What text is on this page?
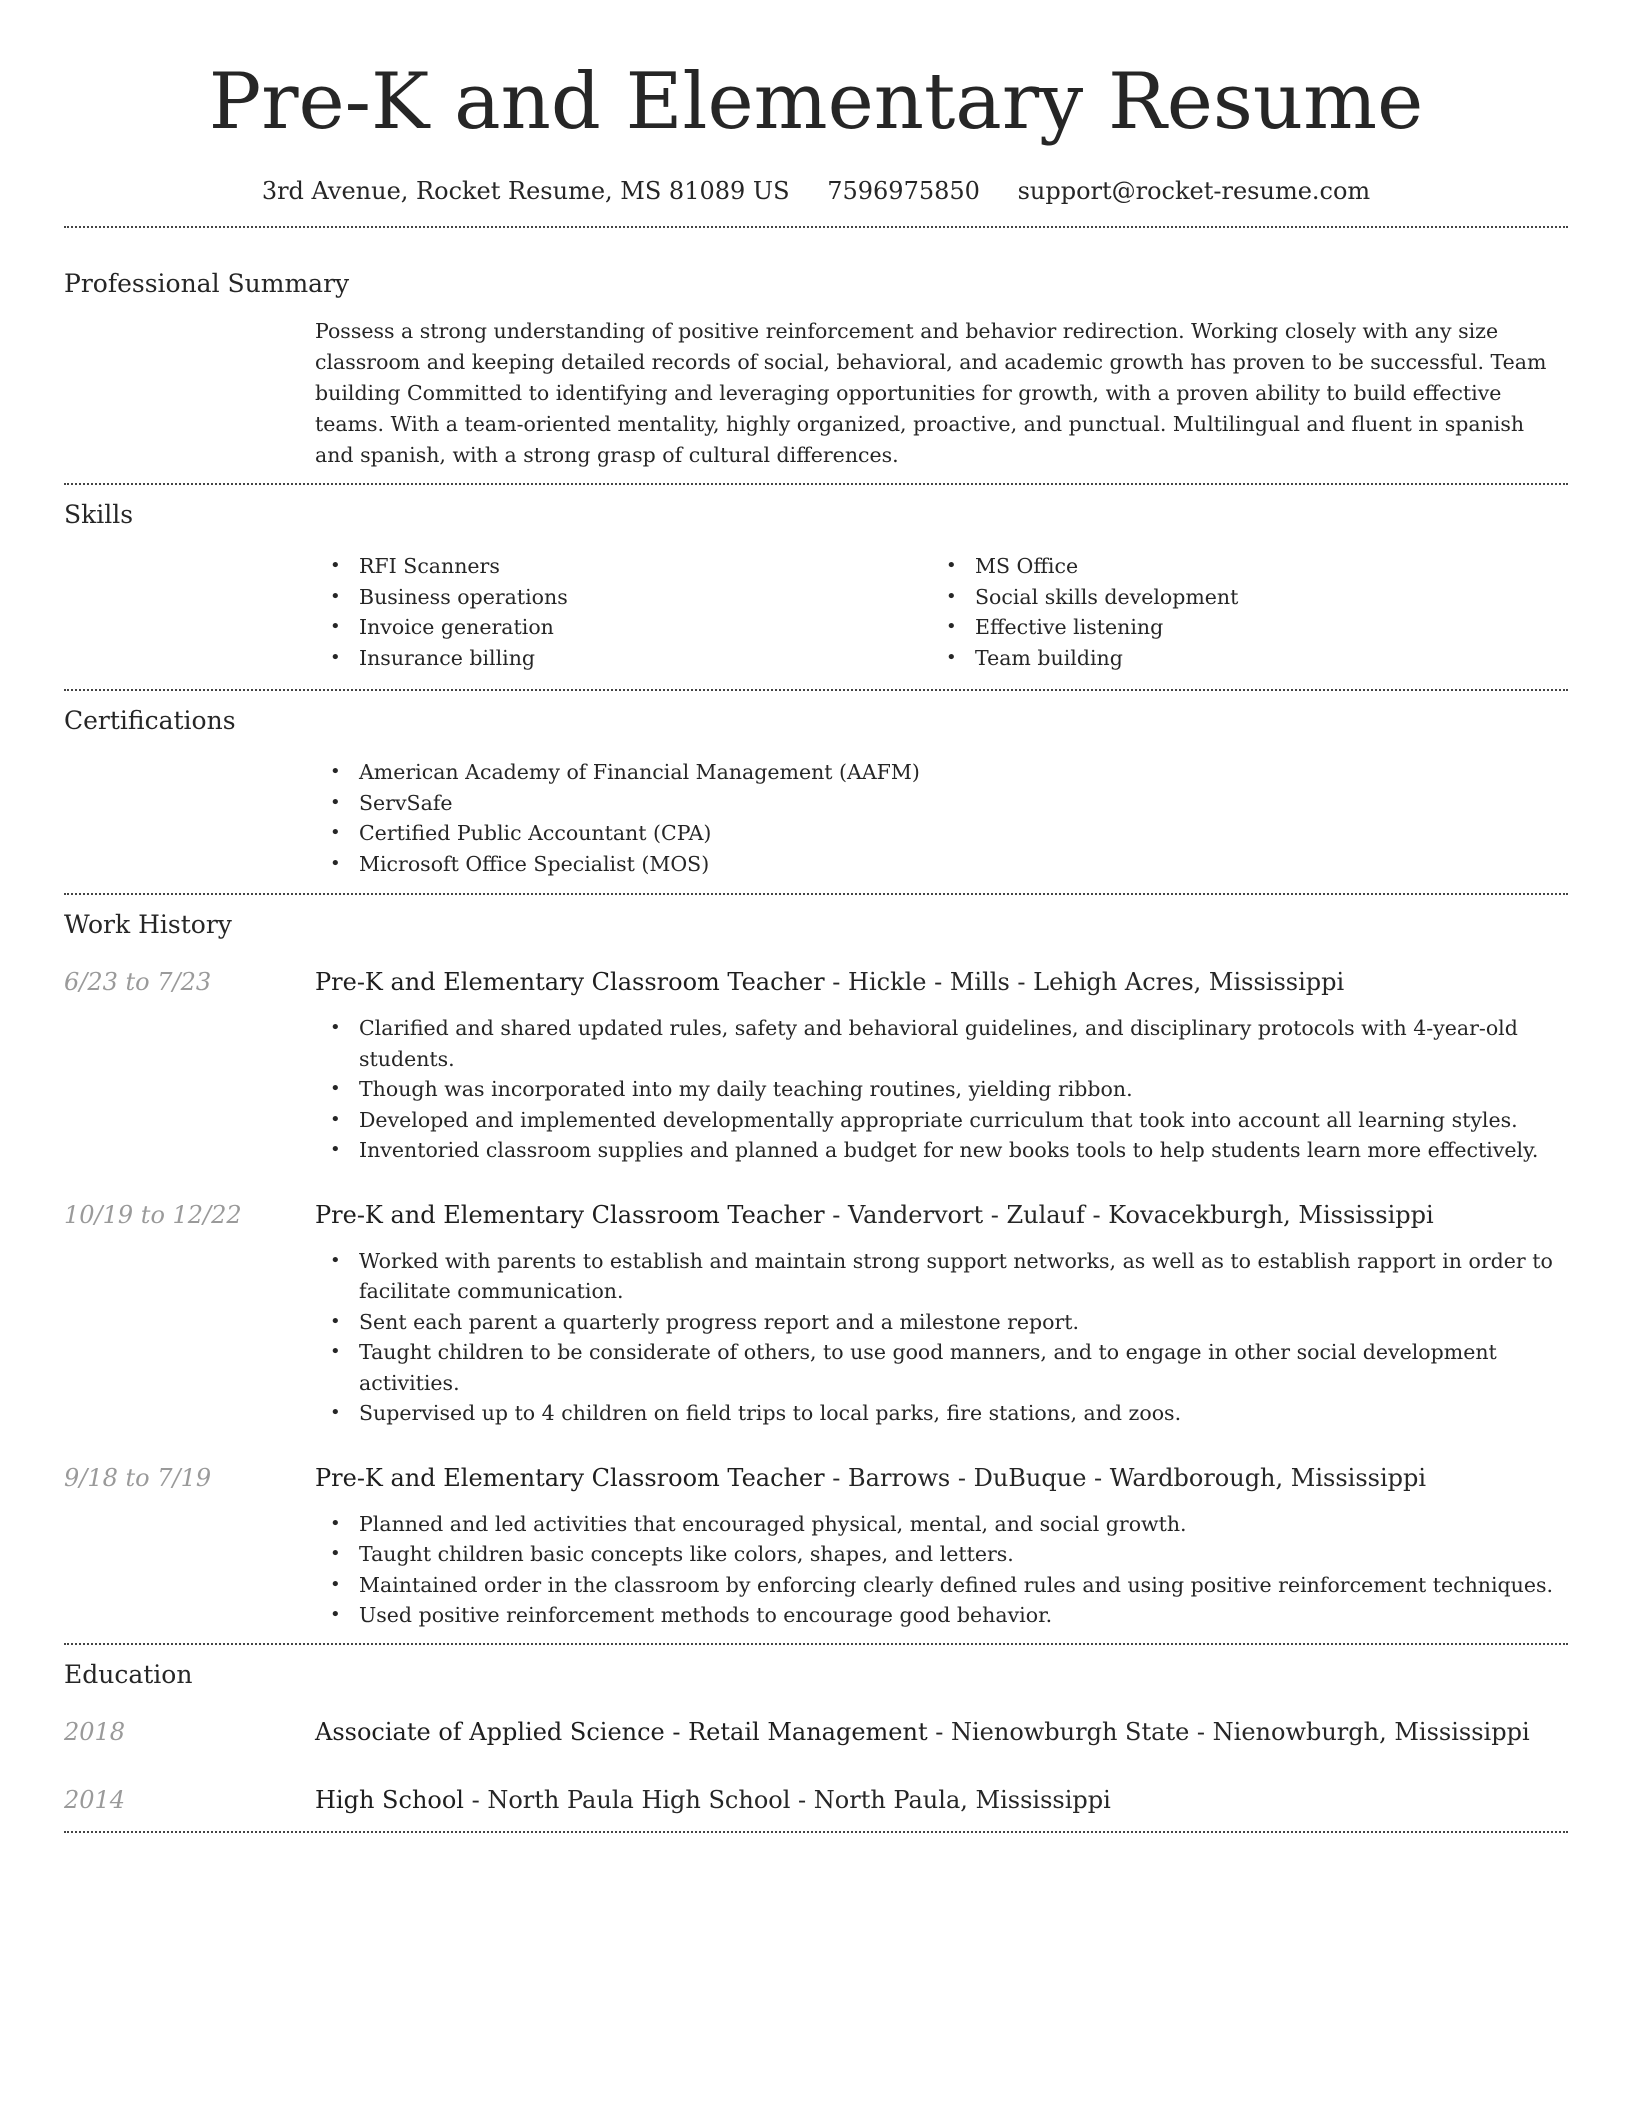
Pre-K and Elementary Resume
3rd Avenue, Rocket Resume, MS 81089 US 7596975850 support@rocket-resume.com
Professional Summary
Possess a strong understanding of positive reinforcement and behavior redirection. Working closely with any size classroom and keeping detailed records of social, behavioral, and academic growth has proven to be successful. Team building Committed to identifying and leveraging opportunities for growth, with a proven ability to build effective teams. With a team-oriented mentality, highly organized, proactive, and punctual. Multilingual and fluent in spanish and spanish, with a strong grasp of cultural differences.
Skills
• RFI Scanners
• Business operations
• Invoice generation
• Insurance billing
• MS Office
• Social skills development
• Effective listening
• Team building
Certifications
• American Academy of Financial Management (AAFM)
• ServSafe
• Certified Public Accountant (CPA)
• Microsoft Office Specialist (MOS)
Work History
6/23 to 7/23	Pre-K and Elementary Classroom Teacher - Hickle - Mills - Lehigh Acres, Mississippi
• Clarified and shared updated rules, safety and behavioral guidelines, and disciplinary protocols with 4-year-old students.
• Though was incorporated into my daily teaching routines, yielding ribbon.
• Developed and implemented developmentally appropriate curriculum that took into account all learning styles.
• Inventoried classroom supplies and planned a budget for new books tools to help students learn more effectively.
10/19 to 12/22	Pre-K and Elementary Classroom Teacher - Vandervort - Zulauf - Kovacekburgh, Mississippi
• Worked with parents to establish and maintain strong support networks, as well as to establish rapport in order to facilitate communication.
• Sent each parent a quarterly progress report and a milestone report.
• Taught children to be considerate of others, to use good manners, and to engage in other social development activities.
• Supervised up to 4 children on field trips to local parks, fire stations, and zoos.
9/18 to 7/19	Pre-K and Elementary Classroom Teacher - Barrows - DuBuque - Wardborough, Mississippi
• Planned and led activities that encouraged physical, mental, and social growth.
• Taught children basic concepts like colors, shapes, and letters.
• Maintained order in the classroom by enforcing clearly defined rules and using positive reinforcement techniques.
• Used positive reinforcement methods to encourage good behavior.
Education
2018	Associate of Applied Science - Retail Management - Nienowburgh State - Nienowburgh, Mississippi
2014	High School - North Paula High School - North Paula, Mississippi
